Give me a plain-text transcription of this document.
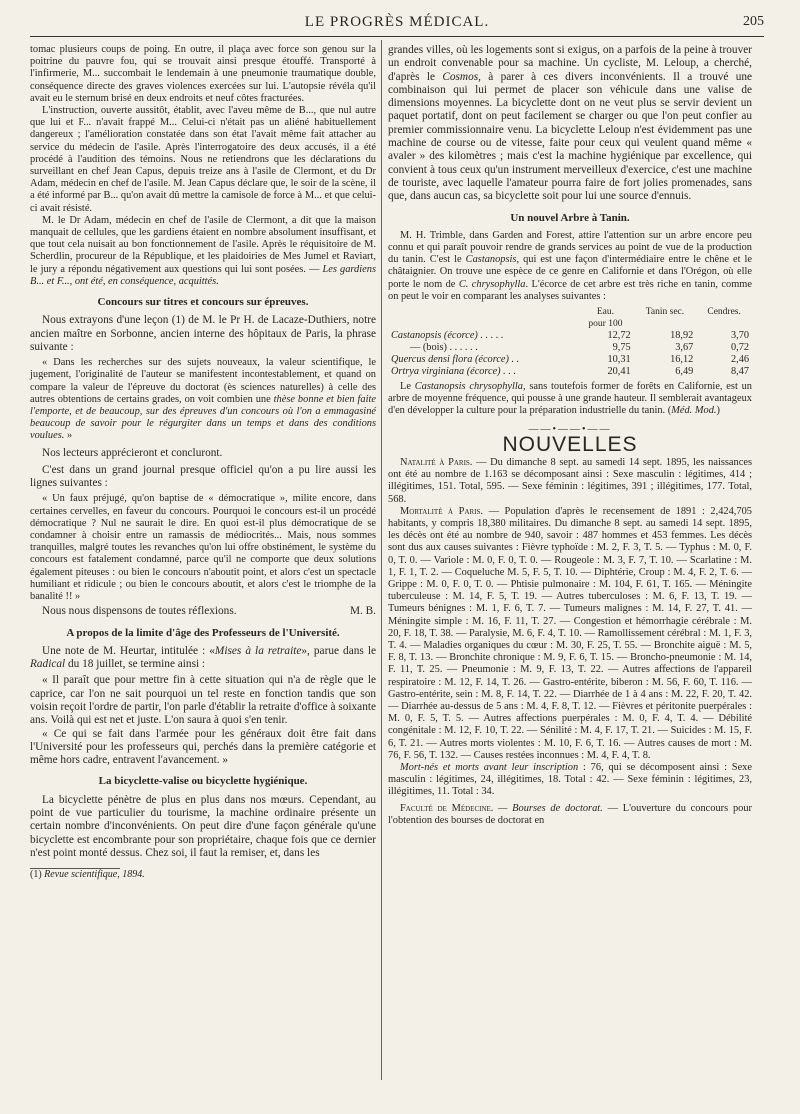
LE PROGRÈS MÉDICAL.	205

tomac plusieurs coups de poing. En outre, il plaça avec force son genou sur la poitrine du pauvre fou, qui se trouvait ainsi presque étouffé. Transporté à l'infirmerie, M... succombait le lendemain à une pneumonie traumatique double, conséquence directe des graves violences exercées sur lui. L'autopsie révéla qu'il avait eu le sternum brisé en deux endroits et neuf côtes fracturées.

L'instruction, ouverte aussitôt, établit, avec l'aveu même de B..., que nul autre que lui et F... n'avait frappé M... Celui-ci n'était pas un aliéné habituellement dangereux ; l'amélioration constatée dans son état l'avait même fait attacher au service du médecin de l'asile. Après l'interrogatoire des deux accusés, il a été procédé à l'audition des témoins. Nous ne retiendrons que les déclarations du surveillant en chef Jean Capus, depuis treize ans à l'asile de Clermont, et du Dr Adam, médecin en chef de l'asile. M. Jean Capus déclare que, le soir de la scène, il a été informé par B... qu'on avait dû mettre la camisole de force à M... et que celui-ci avait résisté.

M. le Dr Adam, médecin en chef de l'asile de Clermont, a dit que la maison manquait de cellules, que les gardiens étaient en nombre absolument insuffisant, et que tout cela nuisait au bon fonctionnement de l'asile. Après le réquisitoire de M. Scherdlin, procureur de la République, et les plaidoiries de Mes Jumel et Raviart, le jury a répondu négativement aux questions qui lui sont posées. — Les gardiens B... et F..., ont été, en conséquence, acquittés.

Concours sur titres et concours sur épreuves.

Nous extrayons d'une leçon (1) de M. le Pr H. de Lacaze-Duthiers, notre ancien maître en Sorbonne, ancien interne des hôpitaux de Paris, la phrase suivante :

« Dans les recherches sur des sujets nouveaux, la valeur scientifique, le jugement, l'originalité de l'auteur se manifestent incontestablement, et quand on compare la valeur de l'épreuve du doctorat (ès sciences naturelles) à celle des autres obtentions de certains grades, on voit combien une thèse bonne et bien faite l'emporte, et de beaucoup, sur des épreuves d'un concours où l'on a emmagasiné beaucoup de savoir pour le régurgiter dans un temps et dans des conditions voulues. »

Nos lecteurs apprécieront et concluront.

C'est dans un grand journal presque officiel qu'on a pu lire aussi les lignes suivantes :

« Un faux préjugé, qu'on baptise de « démocratique », milite encore, dans certaines cervelles, en faveur du concours. Pourquoi le concours est-il un procédé démocratique ? Nul ne saurait le dire. En quoi est-il plus démocratique de se condamner à choisir entre un ramassis de médiocrités... Mais, nous sommes tranquilles, malgré toutes les revanches qu'on lui offre obstinément, le système du concours est fatalement condamné, parce qu'il ne comporte que deux solutions également piteuses : ou bien le concours n'aboutit point, et alors c'est un spectacle humiliant et ridicule ; ou bien le concours aboutit, et alors c'est le triomphe de la banalité !! »

Nous nous dispensons de toutes réflexions.	M. B.
A propos de la limite d'âge des Professeurs de l'Université.

Une note de M. Heurtar, intitulée : «Mises à la retraite», parue dans le Radical du 18 juillet, se termine ainsi :

« Il paraît que pour mettre fin à cette situation qui n'a de règle que le caprice, car l'on ne sait pourquoi un tel reste en fonction tandis que son voisin reçoit l'ordre de partir, l'on parle d'établir la retraite d'office à soixante ans. Voilà qui est net et juste. L'on saura à quoi s'en tenir.

« Ce qui se fait dans l'armée pour les généraux doit être fait dans l'Université pour les professeurs qui, perchés dans la première catégorie et même hors cadre, entravent l'avancement. »

La bicyclette-valise ou bicyclette hygiénique.

La bicyclette pénètre de plus en plus dans nos mœurs. Cependant, au point de vue particulier du tourisme, la machine ordinaire présente un certain nombre d'inconvénients. On peut dire d'une façon générale qu'une bicyclette est encombrante pour son propriétaire, chaque fois que ce dernier n'est point monté dessus. Chez soi, il faut la remiser, et, dans les

(1) Revue scientifique, 1894.

grandes villes, où les logements sont si exigus, on a parfois de la peine à trouver un endroit convenable pour sa machine. Un cycliste, M. Leloup, a cherché, d'après le Cosmos, à parer à ces divers inconvénients. Il a trouvé une combinaison qui lui permet de placer son véhicule dans une valise de dimensions moyennes. La bicyclette dont on ne veut plus se servir devient un paquet portatif, dont on peut facilement se charger ou que l'on peut confier au premier commissionnaire venu. La bicyclette Leloup n'est évidemment pas une machine de course ou de vitesse, faite pour ceux qui veulent quand même « avaler » des kilomètres ; mais c'est la machine hygiénique par excellence, qui convient à tous ceux qu'un instrument merveilleux d'exercice, c'est une machine de touriste, avec laquelle l'amateur pourra faire de fort jolies promenades, sans que, dans aucun cas, sa bicyclette soit pour lui une source d'ennuis.

Un nouvel Arbre à Tanin.

M. H. Trimble, dans Garden and Forest, attire l'attention sur un arbre encore peu connu et qui paraît pouvoir rendre de grands services au point de vue de la production du tanin. C'est le Castanopsis, qui est une façon d'intermédiaire entre le chêne et le châtaignier. On trouve une espèce de ce genre en Californie et dans l'Orégon, où elle porte le nom de C. chrysophylla. L'écorce de cet arbre est très riche en tanin, comme on peut le voir en comparant les analyses suivantes :

	Eau.	Tanin sec.	Cendres.
	pour 100		
Castanopsis (écorce) . . . . .	12,72	18,92	3,70
— (bois) . . . . . .	9,75	3,67	0,72
Quercus densi flora (écorce) . .	10,31	16,12	2,46
Ortrya virginiana (écorce) . . .	20,41	6,49	8,47

Le Castanopsis chrysophylla, sans toutefois former de forêts en Californie, est un arbre de moyenne fréquence, qui pousse à une grande hauteur. Il semblerait avantageux d'en développer la culture pour la préparation industrielle du tanin. (Méd. Mod.)

——•——•——
NOUVELLES

Natalité à Paris. — Du dimanche 8 sept. au samedi 14 sept. 1895, les naissances ont été au nombre de 1.163 se décomposant ainsi : Sexe masculin : légitimes, 414 ; illégitimes, 151. Total, 595. — Sexe féminin : légitimes, 391 ; illégitimes, 177. Total, 568.

Mortalité à Paris. — Population d'après le recensement de 1891 : 2,424,705 habitants, y compris 18,380 militaires. Du dimanche 8 sept. au samedi 14 sept. 1895, les décès ont été au nombre de 940, savoir : 487 hommes et 453 femmes. Les décès sont dus aux causes suivantes : Fièvre typhoïde : M. 2, F. 3, T. 5. — Typhus : M. 0, F. 0, T. 0. — Variole : M. 0, F. 0, T. 0. — Rougeole : M. 3, F. 7, T. 10. — Scarlatine : M. 1, F. 1, T. 2. — Coqueluche M. 5, F. 5, T. 10. — Diphtérie, Croup : M. 4, F. 2, T. 6. — Grippe : M. 0, F. 0, T. 0. — Phtisie pulmonaire : M. 104, F. 61, T. 165. — Méningite tuberculeuse : M. 14, F. 5, T. 19. — Autres tuberculoses : M. 6, F. 13, T. 19. — Tumeurs bénignes : M. 1, F. 6, T. 7. — Tumeurs malignes : M. 14, F. 27, T. 41. — Méningite simple : M. 16, F. 11, T. 27. — Congestion et hémorrhagie cérébrale : M. 20, F. 18, T. 38. — Paralysie, M. 6, F. 4, T. 10. — Ramollissement cérébral : M. 1, F. 3, T. 4. — Maladies organiques du cœur : M. 30, F. 25, T. 55. — Bronchite aiguë : M. 5, F. 8, T. 13. — Bronchite chronique : M. 9, F. 6, T. 15. — Broncho-pneumonie : M. 14, F. 11, T. 25. — Pneumonie : M. 9, F. 13, T. 22. — Autres affections de l'appareil respiratoire : M. 12, F. 14, T. 26. — Gastro-entérite, biberon : M. 56, F. 60, T. 116. — Gastro-entérite, sein : M. 8, F. 14, T. 22. — Diarrhée de 1 à 4 ans : M. 22, F. 20, T. 42. — Diarrhée au-dessus de 5 ans : M. 4, F. 8, T. 12. — Fièvres et péritonite puerpérales : M. 0, F. 5, T. 5. — Autres affections puerpérales : M. 0, F. 4, T. 4. — Débilité congénitale : M. 12, F. 10, T. 22. — Sénilité : M. 4, F. 17, T. 21. — Suicides : M. 15, F. 6, T. 21. — Autres morts violentes : M. 10, F. 6, T. 16. — Autres causes de mort : M. 76, F. 56, T. 132. — Causes restées inconnues : M. 4, F. 4, T. 8.

Mort-nés et morts avant leur inscription : 76, qui se décomposent ainsi : Sexe masculin : légitimes, 24, illégitimes, 18. Total : 42. — Sexe féminin : légitimes, 23, illégitimes, 11. Total : 34.

Faculté de Médecine. — Bourses de doctorat. — L'ouverture du concours pour l'obtention des bourses de doctorat en
